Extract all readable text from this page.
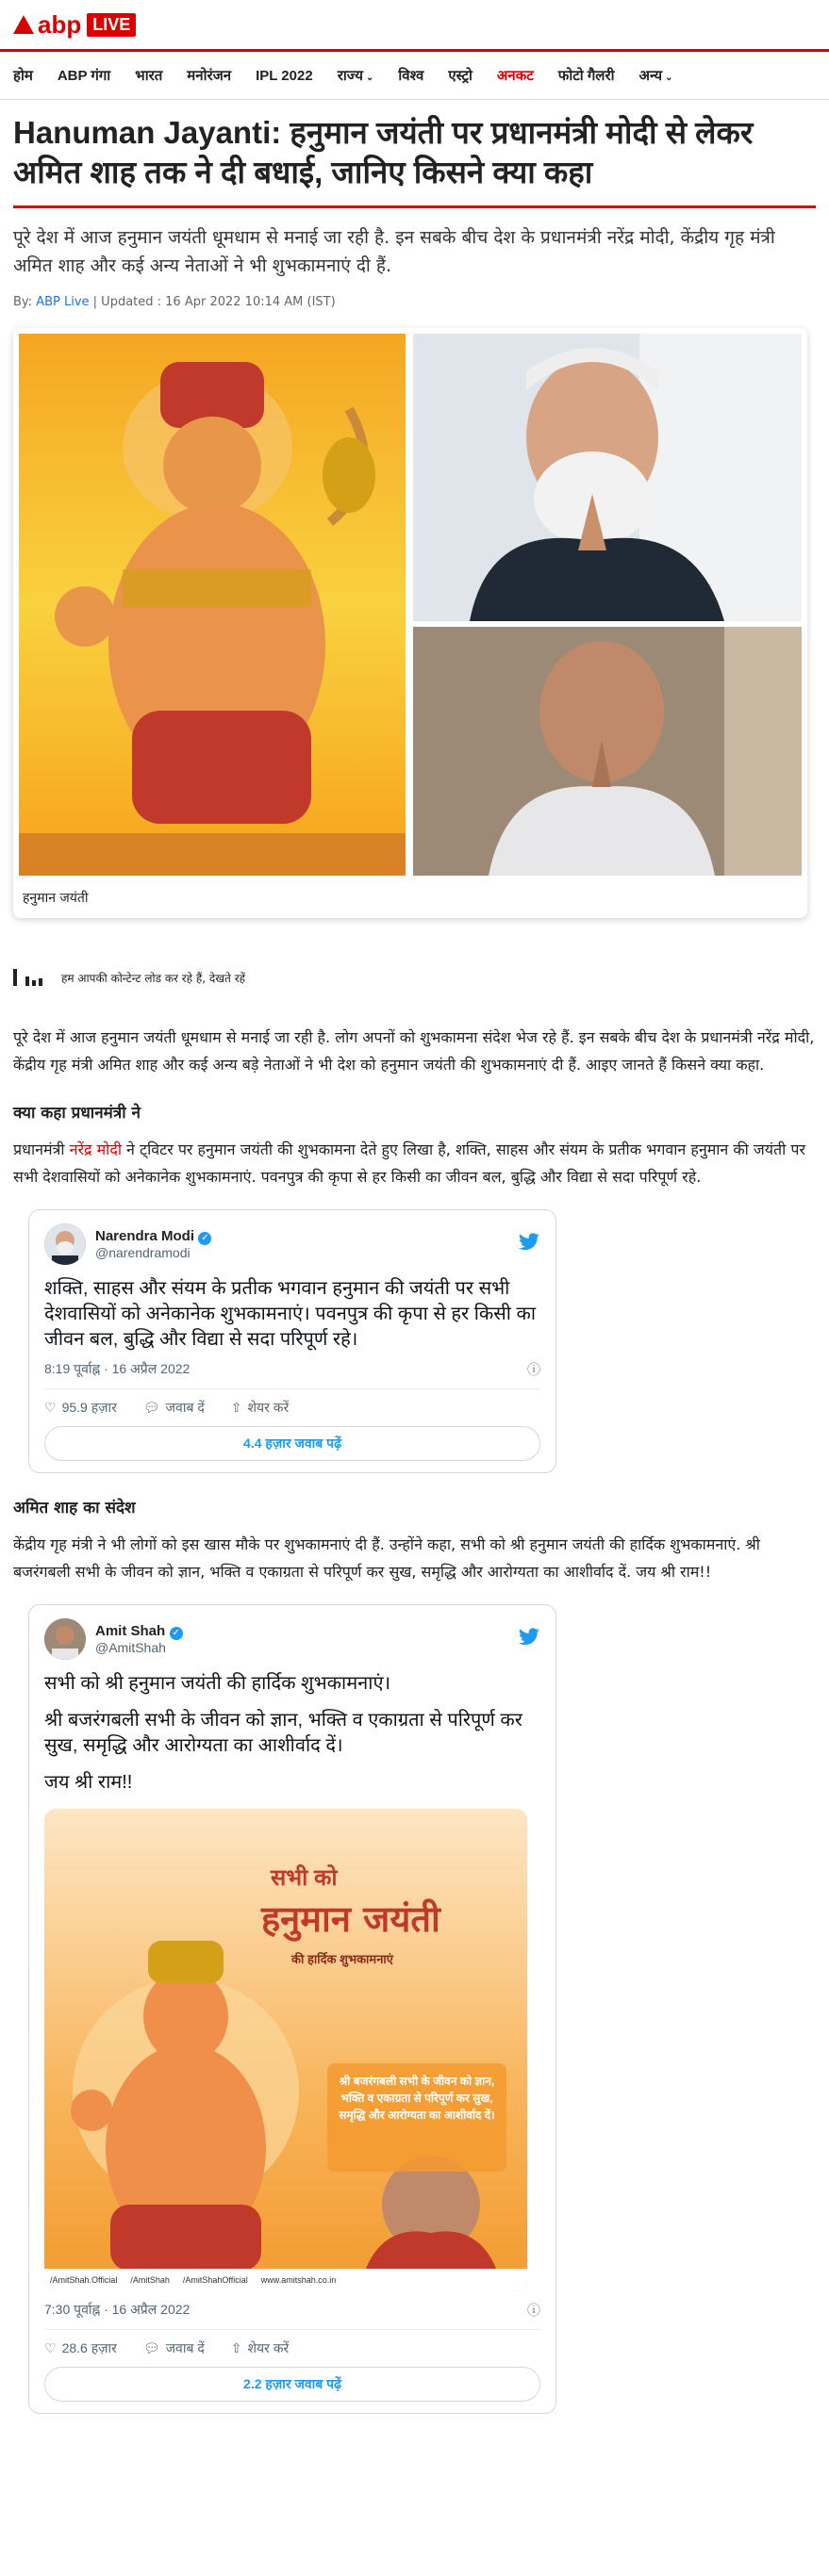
abp LIVE
होम ABP गंगा भारत मनोरंजन IPL 2022 राज्य ⌄ विश्व एस्ट्रो अनकट फोटो गैलरी अन्य ⌄
Hanuman Jayanti: हनुमान जयंती पर प्रधानमंत्री मोदी से लेकर अमित शाह तक ने दी बधाई, जानिए किसने क्या कहा
पूरे देश में आज हनुमान जयंती धूमधाम से मनाई जा रही है. इन सबके बीच देश के प्रधानमंत्री नरेंद्र मोदी, केंद्रीय गृह मंत्री अमित शाह और कई अन्य नेताओं ने भी शुभकामनाएं दी हैं.
By: ABP Live | Updated : 16 Apr 2022 10:14 AM (IST)
हनुमान जयंती
हम आपकी कोन्टेन्ट लोड कर रहे हैं, देखते रहें

पूरे देश में आज हनुमान जयंती धूमधाम से मनाई जा रही है. लोग अपनों को शुभकामना संदेश भेज रहे हैं. इन सबके बीच देश के प्रधानमंत्री नरेंद्र मोदी, केंद्रीय गृह मंत्री अमित शाह और कई अन्य बड़े नेताओं ने भी देश को हनुमान जयंती की शुभकामनाएं दी हैं. आइए जानते हैं किसने क्या कहा.

क्या कहा प्रधानमंत्री ने

प्रधानमंत्री नरेंद्र मोदी ने ट्विटर पर हनुमान जयंती की शुभकामना देते हुए लिखा है, शक्ति, साहस और संयम के प्रतीक भगवान हनुमान की जयंती पर सभी देशवासियों को अनेकानेक शुभकामनाएं. पवनपुत्र की कृपा से हर किसी का जीवन बल, बुद्धि और विद्या से सदा परिपूर्ण रहे.

Narendra Modi ✓
@narendramodi
शक्ति, साहस और संयम के प्रतीक भगवान हनुमान की जयंती पर सभी देशवासियों को अनेकानेक शुभकामनाएं। पवनपुत्र की कृपा से हर किसी का जीवन बल, बुद्धि और विद्या से सदा परिपूर्ण रहे।
8:19 पूर्वाह्न · 16 अप्रैल 2022	ⓘ
♡ 95.9 हज़ार 💬︎ जवाब दें ⇧ शेयर करें
4.4 हज़ार जवाब पढ़ें
अमित शाह का संदेश

केंद्रीय गृह मंत्री ने भी लोगों को इस खास मौके पर शुभकामनाएं दी हैं. उन्होंने कहा, सभी को श्री हनुमान जयंती की हार्दिक शुभकामनाएं. श्री बजरंगबली सभी के जीवन को ज्ञान, भक्ति व एकाग्रता से परिपूर्ण कर सुख, समृद्धि और आरोग्यता का आशीर्वाद दें. जय श्री राम!!

Amit Shah ✓
@AmitShah
सभी को श्री हनुमान जयंती की हार्दिक शुभकामनाएं।
श्री बजरंगबली सभी के जीवन को ज्ञान, भक्ति व एकाग्रता से परिपूर्ण कर सुख, समृद्धि और आरोग्यता का आशीर्वाद दें।
जय श्री राम!!
सभी को
हनुमान जयंती
की हार्दिक शुभकामनाएं
श्री बजरंगबली सभी के जीवन को ज्ञान, भक्ति व एकाग्रता से परिपूर्ण कर सुख, समृद्धि और आरोग्यता का आशीर्वाद दें।
/AmitShah.Official /AmitShah /AmitShahOfficial www.amitshah.co.in
7:30 पूर्वाह्न · 16 अप्रैल 2022	ⓘ
♡ 28.6 हज़ार 💬︎ जवाब दें ⇧ शेयर करें
2.2 हज़ार जवाब पढ़ें
